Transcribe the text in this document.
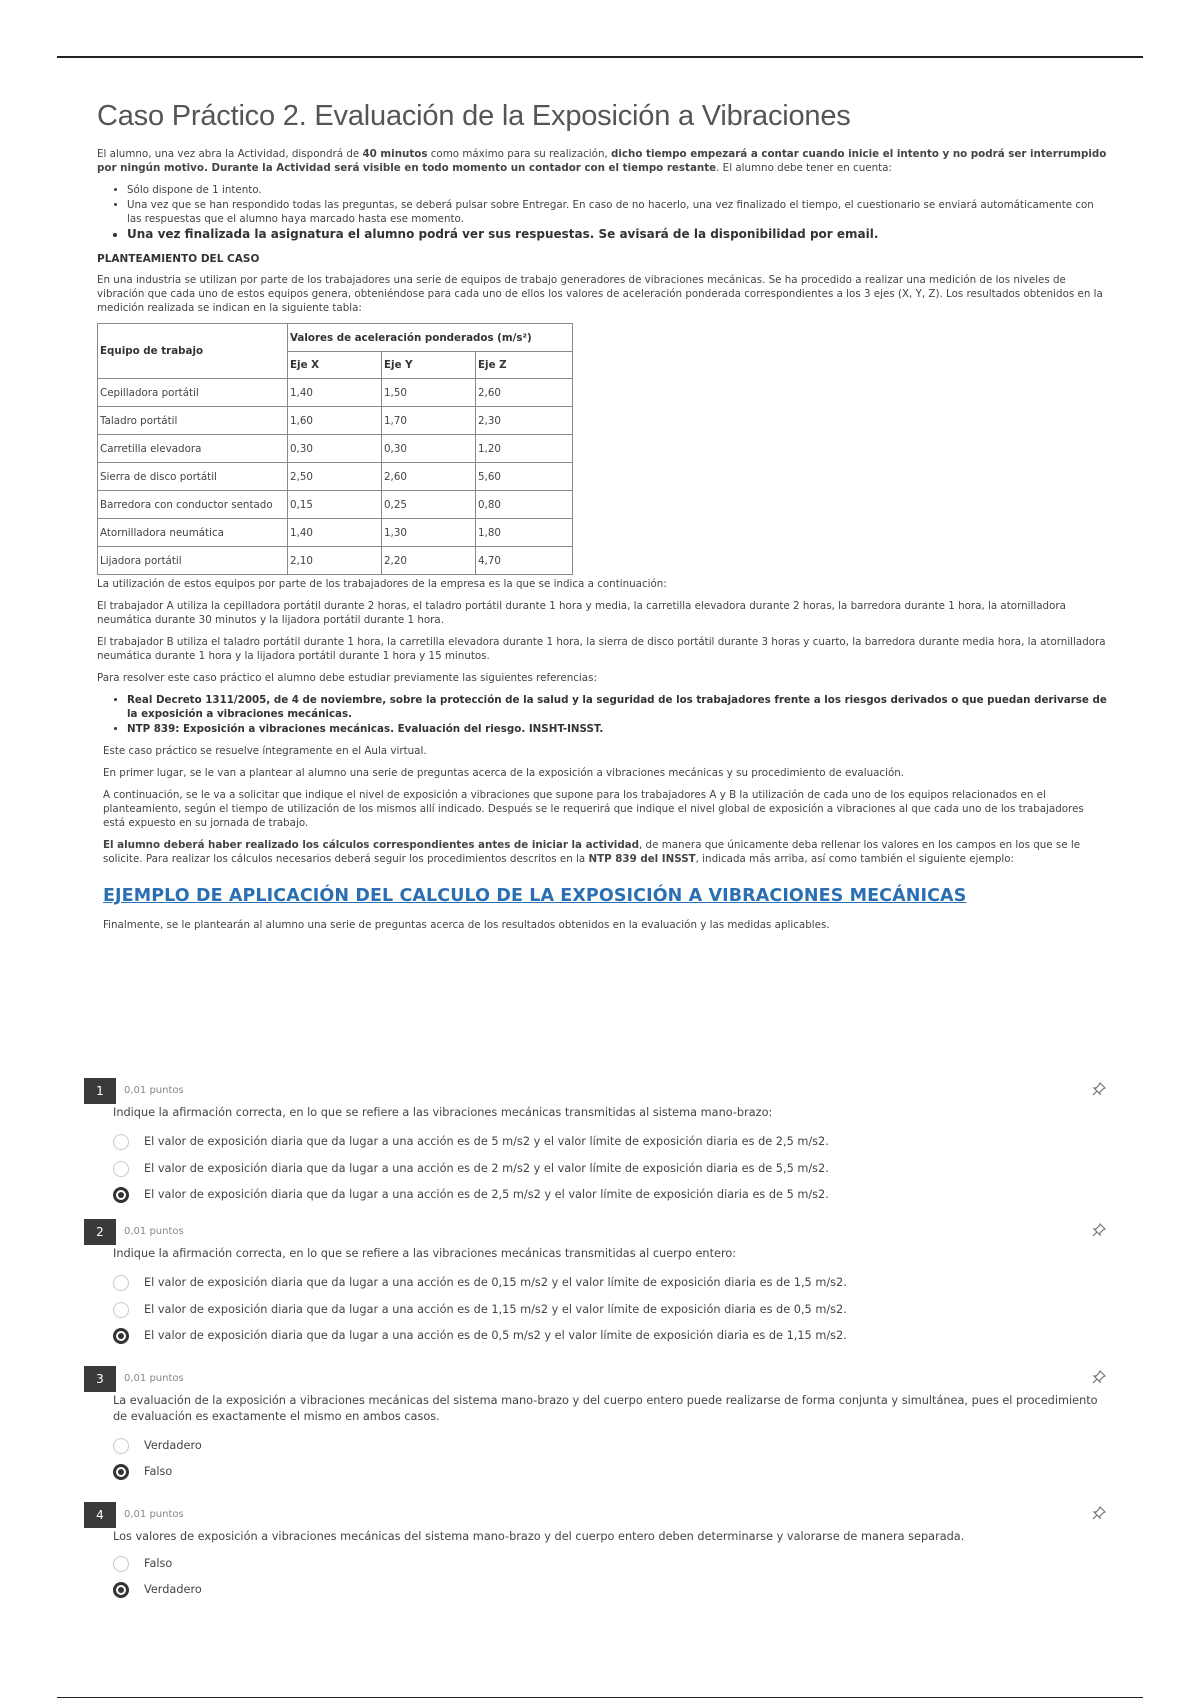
Caso Práctico 2. Evaluación de la Exposición a Vibraciones

El alumno, una vez abra la Actividad, dispondrá de 40 minutos como máximo para su realización, dicho tiempo empezará a contar cuando inicie el intento y no podrá ser interrumpido por ningún motivo. Durante la Actividad será visible en todo momento un contador con el tiempo restante. El alumno debe tener en cuenta:

• Sólo dispone de 1 intento.
• Una vez que se han respondido todas las preguntas, se deberá pulsar sobre Entregar. En caso de no hacerlo, una vez finalizado el tiempo, el cuestionario se enviará automáticamente con las respuestas que el alumno haya marcado hasta ese momento.
• Una vez finalizada la asignatura el alumno podrá ver sus respuestas. Se avisará de la disponibilidad por email.
PLANTEAMIENTO DEL CASO

En una industria se utilizan por parte de los trabajadores una serie de equipos de trabajo generadores de vibraciones mecánicas. Se ha procedido a realizar una medición de los niveles de vibración que cada uno de estos equipos genera, obteniéndose para cada uno de ellos los valores de aceleración ponderada correspondientes a los 3 ejes (X, Y, Z). Los resultados obtenidos en la medición realizada se indican en la siguiente tabla:

Equipo de trabajo	Valores de aceleración ponderados (m/s²)		
	Eje X	Eje Y	Eje Z
Cepilladora portátil	1,40	1,50	2,60
Taladro portátil	1,60	1,70	2,30
Carretilla elevadora	0,30	0,30	1,20
Sierra de disco portátil	2,50	2,60	5,60
Barredora con conductor sentado	0,15	0,25	0,80
Atornilladora neumática	1,40	1,30	1,80
Lijadora portátil	2,10	2,20	4,70

La utilización de estos equipos por parte de los trabajadores de la empresa es la que se indica a continuación:

El trabajador A utiliza la cepilladora portátil durante 2 horas, el taladro portátil durante 1 hora y media, la carretilla elevadora durante 2 horas, la barredora durante 1 hora, la atornilladora neumática durante 30 minutos y la lijadora portátil durante 1 hora.

El trabajador B utiliza el taladro portátil durante 1 hora, la carretilla elevadora durante 1 hora, la sierra de disco portátil durante 3 horas y cuarto, la barredora durante media hora, la atornilladora neumática durante 1 hora y la lijadora portátil durante 1 hora y 15 minutos.

Para resolver este caso práctico el alumno debe estudiar previamente las siguientes referencias:

• Real Decreto 1311/2005, de 4 de noviembre, sobre la protección de la salud y la seguridad de los trabajadores frente a los riesgos derivados o que puedan derivarse de la exposición a vibraciones mecánicas.
• NTP 839: Exposición a vibraciones mecánicas. Evaluación del riesgo. INSHT-INSST.

Este caso práctico se resuelve íntegramente en el Aula virtual.

En primer lugar, se le van a plantear al alumno una serie de preguntas acerca de la exposición a vibraciones mecánicas y su procedimiento de evaluación.

A continuación, se le va a solicitar que indique el nivel de exposición a vibraciones que supone para los trabajadores A y B la utilización de cada uno de los equipos relacionados en el planteamiento, según el tiempo de utilización de los mismos allí indicado. Después se le requerirá que indique el nivel global de exposición a vibraciones al que cada uno de los trabajadores está expuesto en su jornada de trabajo.

El alumno deberá haber realizado los cálculos correspondientes antes de iniciar la actividad, de manera que únicamente deba rellenar los valores en los campos en los que se le solicite. Para realizar los cálculos necesarios deberá seguir los procedimientos descritos en la NTP 839 del INSST, indicada más arriba, así como también el siguiente ejemplo:

EJEMPLO DE APLICACIÓN DEL CALCULO DE LA EXPOSICIÓN A VIBRACIONES MECÁNICAS

Finalmente, se le plantearán al alumno una serie de preguntas acerca de los resultados obtenidos en la evaluación y las medidas aplicables.

1	0,01 puntos
Indique la afirmación correcta, en lo que se refiere a las vibraciones mecánicas transmitidas al sistema mano-brazo:
El valor de exposición diaria que da lugar a una acción es de 5 m/s2 y el valor límite de exposición diaria es de 2,5 m/s2.
El valor de exposición diaria que da lugar a una acción es de 2 m/s2 y el valor límite de exposición diaria es de 5,5 m/s2.
El valor de exposición diaria que da lugar a una acción es de 2,5 m/s2 y el valor límite de exposición diaria es de 5 m/s2.
2	0,01 puntos
Indique la afirmación correcta, en lo que se refiere a las vibraciones mecánicas transmitidas al cuerpo entero:
El valor de exposición diaria que da lugar a una acción es de 0,15 m/s2 y el valor límite de exposición diaria es de 1,5 m/s2.
El valor de exposición diaria que da lugar a una acción es de 1,15 m/s2 y el valor límite de exposición diaria es de 0,5 m/s2.
El valor de exposición diaria que da lugar a una acción es de 0,5 m/s2 y el valor límite de exposición diaria es de 1,15 m/s2.
3	0,01 puntos
La evaluación de la exposición a vibraciones mecánicas del sistema mano-brazo y del cuerpo entero puede realizarse de forma conjunta y simultánea, pues el procedimiento de evaluación es exactamente el mismo en ambos casos.
Verdadero
Falso
4	0,01 puntos
Los valores de exposición a vibraciones mecánicas del sistema mano-brazo y del cuerpo entero deben determinarse y valorarse de manera separada.
Falso
Verdadero
